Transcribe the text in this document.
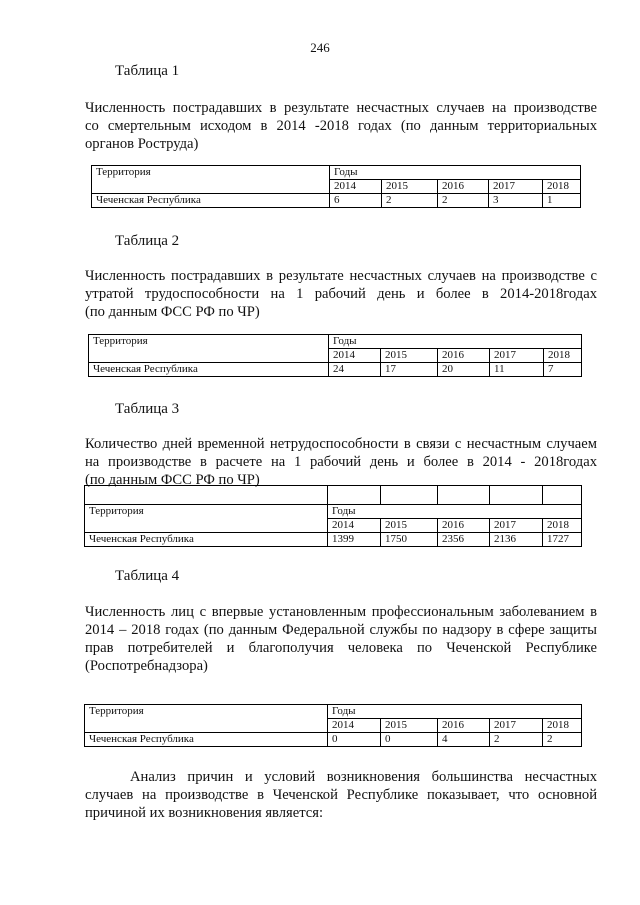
246
Таблица 1
Численность пострадавших в результате несчастных случаев на производстве
со смертельным исходом в 2014 -2018 годах (по данным территориальных
органов Роструда)
Территория	Годы				
	2014	2015	2016	2017	2018
Чеченская Республика	6	2	2	3	1
Таблица 2
Численность пострадавших в результате несчастных случаев на производстве с
утратой трудоспособности на 1 рабочий день и более в 2014-2018годах
(по данным ФСС РФ по ЧР)
Территория	Годы				
	2014	2015	2016	2017	2018
Чеченская Республика	24	17	20	11	7
Таблица 3
Количество дней временной нетрудоспособности в связи с несчастным случаем
на производстве в расчете на 1 рабочий день и более в 2014 - 2018годах
(по данным ФСС РФ по ЧР)

Территория	Годы				
	2014	2015	2016	2017	2018
Чеченская Республика	1399	1750	2356	2136	1727
Таблица 4
Численность лиц с впервые установленным профессиональным заболеванием в
2014 – 2018 годах (по данным Федеральной службы по надзору в сфере защиты
прав потребителей и благополучия человека по Чеченской Республике
(Роспотребнадзора)
Территория	Годы				
	2014	2015	2016	2017	2018
Чеченская Республика	0	0	4	2	2
Анализ причин и условий возникновения большинства несчастных
случаев на производстве в Чеченской Республике показывает, что основной
причиной их возникновения является:
